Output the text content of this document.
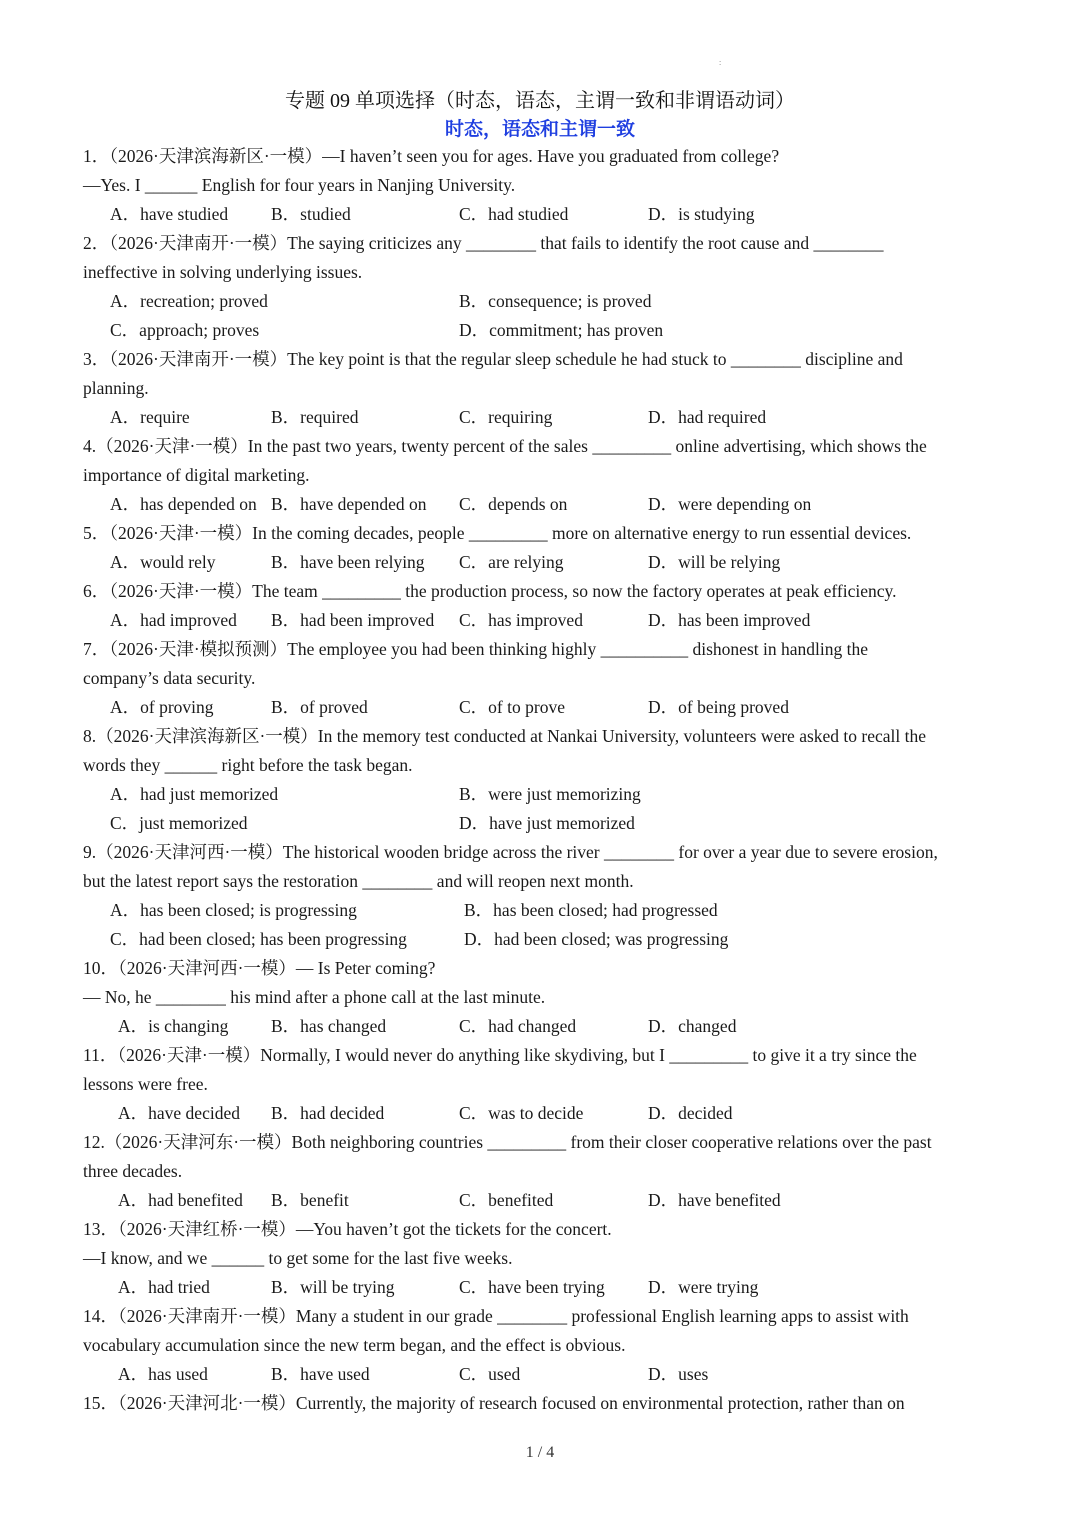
:
专题 09 单项选择（时态，语态，主谓一致和非谓语动词）
时态，语态和主谓一致
1．（2026·天津滨海新区·一模）—I haven’t seen you for ages. Have you graduated from college?
—Yes. I ______ English for four years in Nanjing University.
A．have studied B．studied	C．had studied	D．is studying
2．（2026·天津南开·一模）The saying criticizes any ________ that fails to identify the root cause and ________
ineffective in solving underlying issues.
A．recreation; proved	B．consequence; is proved
C．approach; proves	D．commitment; has proven
3．（2026·天津南开·一模）The key point is that the regular sleep schedule he had stuck to ________ discipline and
planning.
A．require	B．required	C．requiring	D．had required
4.（2026·天津·一模）In the past two years, twenty percent of the sales _________ online advertising, which shows the
importance of digital marketing.
A．has depended on B．have depended on C．depends on	D．were depending on
5．（2026·天津·一模）In the coming decades, people _________ more on alternative energy to run essential devices.
A．would rely	B．have been relying C．are relying	D．will be relying
6．（2026·天津·一模）The team _________ the production process, so now the factory operates at peak efficiency.
A．had improved B．had been improved C．has improved	D．has been improved
7．（2026·天津·模拟预测）The employee you had been thinking highly __________ dishonest in handling the
company’s data security.
A．of proving	B．of proved	C．of to prove	D．of being proved
8.（2026·天津滨海新区·一模）In the memory test conducted at Nankai University, volunteers were asked to recall the
words they ______ right before the task began.
A．had just memorized	B．were just memorizing
C．just memorized	D．have just memorized
9.（2026·天津河西·一模）The historical wooden bridge across the river ________ for over a year due to severe erosion,
but the latest report says the restoration ________ and will reopen next month.
A．has been closed; is progressing	B．has been closed; had progressed
C．had been closed; has been progressing	D．had been closed; was progressing
10．（2026·天津河西·一模）— Is Peter coming?
— No, he ________ his mind after a phone call at the last minute.
A．is changing B．has changed	C．had changed	D．changed
11．（2026·天津·一模）Normally, I would never do anything like skydiving, but I _________ to give it a try since the
lessons were free.
A．have decided B．had decided	C．was to decide	D．decided
12.（2026·天津河东·一模）Both neighboring countries _________ from their closer cooperative relations over the past
three decades.
A．had benefited B．benefit	C．benefited	D．have benefited
13．（2026·天津红桥·一模）—You haven’t got the tickets for the concert.
—I know, and we ______ to get some for the last five weeks.
A．had tried	B．will be trying	C．have been trying D．were trying
14．（2026·天津南开·一模）Many a student in our grade ________ professional English learning apps to assist with
vocabulary accumulation since the new term began, and the effect is obvious.
A．has used	B．have used	C．used	D．uses
15．（2026·天津河北·一模）Currently, the majority of research focused on environmental protection, rather than on
1 / 4
